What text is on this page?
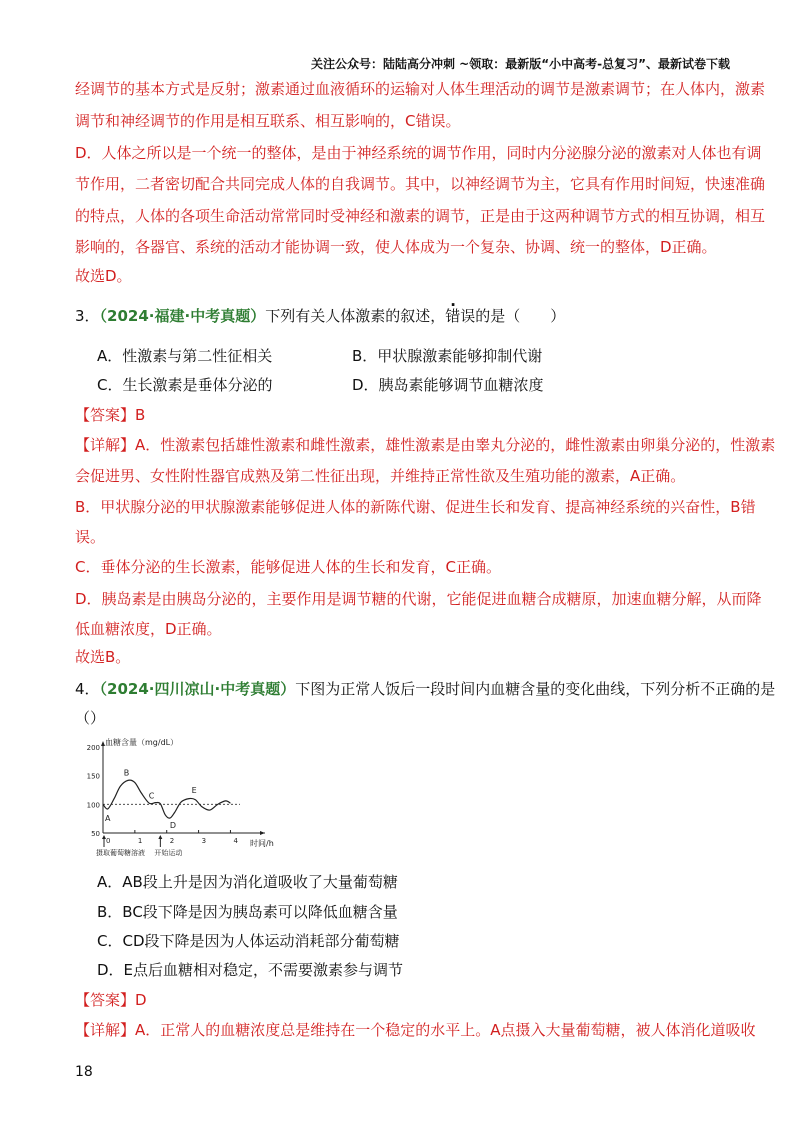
关注公众号：陆陆高分冲刺 ~领取：最新版“小中高考-总复习”、最新试卷下载
经调节的基本方式是反射；激素通过血液循环的运输对人体生理活动的调节是激素调节；在人体内，激素
调节和神经调节的作用是相互联系、相互影响的，C错误。
D．人体之所以是一个统一的整体，是由于神经系统的调节作用，同时内分泌腺分泌的激素对人体也有调
节作用，二者密切配合共同完成人体的自我调节。其中，以神经调节为主，它具有作用时间短，快速准确
的特点，人体的各项生命活动常常同时受神经和激素的调节，正是由于这两种调节方式的相互协调，相互
影响的，各器官、系统的活动才能协调一致，使人体成为一个复杂、协调、统一的整体，D正确。
故选D。
3．（2024·福建·中考真题）下列有关人体激素的叙述，错误的是（　　）
A．性激素与第二性征相关	B．甲状腺激素能够抑制代谢
C．生长激素是垂体分泌的	D．胰岛素能够调节血糖浓度
【答案】B
【详解】A．性激素包括雄性激素和雌性激素，雄性激素是由睾丸分泌的，雌性激素由卵巢分泌的，性激素
会促进男、女性附性器官成熟及第二性征出现，并维持正常性欲及生殖功能的激素，A正确。
B．甲状腺分泌的甲状腺激素能够促进人体的新陈代谢、促进生长和发育、提高神经系统的兴奋性，B错
误。
C．垂体分泌的生长激素，能够促进人体的生长和发育，C正确。
D．胰岛素是由胰岛分泌的，主要作用是调节糖的代谢，它能促进血糖合成糖原，加速血糖分解，从而降
低血糖浓度，D正确。
故选B。
4．（2024·四川凉山·中考真题）下图为正常人饭后一段时间内血糖含量的变化曲线，下列分析不正确的是
（）
血糖含量（mg/dL）
时间/h
200
150
100
50
0	1	2	3	4
A
B
C
D
E
摄取葡萄糖溶液 开始运动
A．AB段上升是因为消化道吸收了大量葡萄糖
B．BC段下降是因为胰岛素可以降低血糖含量
C．CD段下降是因为人体运动消耗部分葡萄糖
D．E点后血糖相对稳定，不需要激素参与调节
【答案】D
【详解】A．正常人的血糖浓度总是维持在一个稳定的水平上。A点摄入大量葡萄糖，被人体消化道吸收
18
